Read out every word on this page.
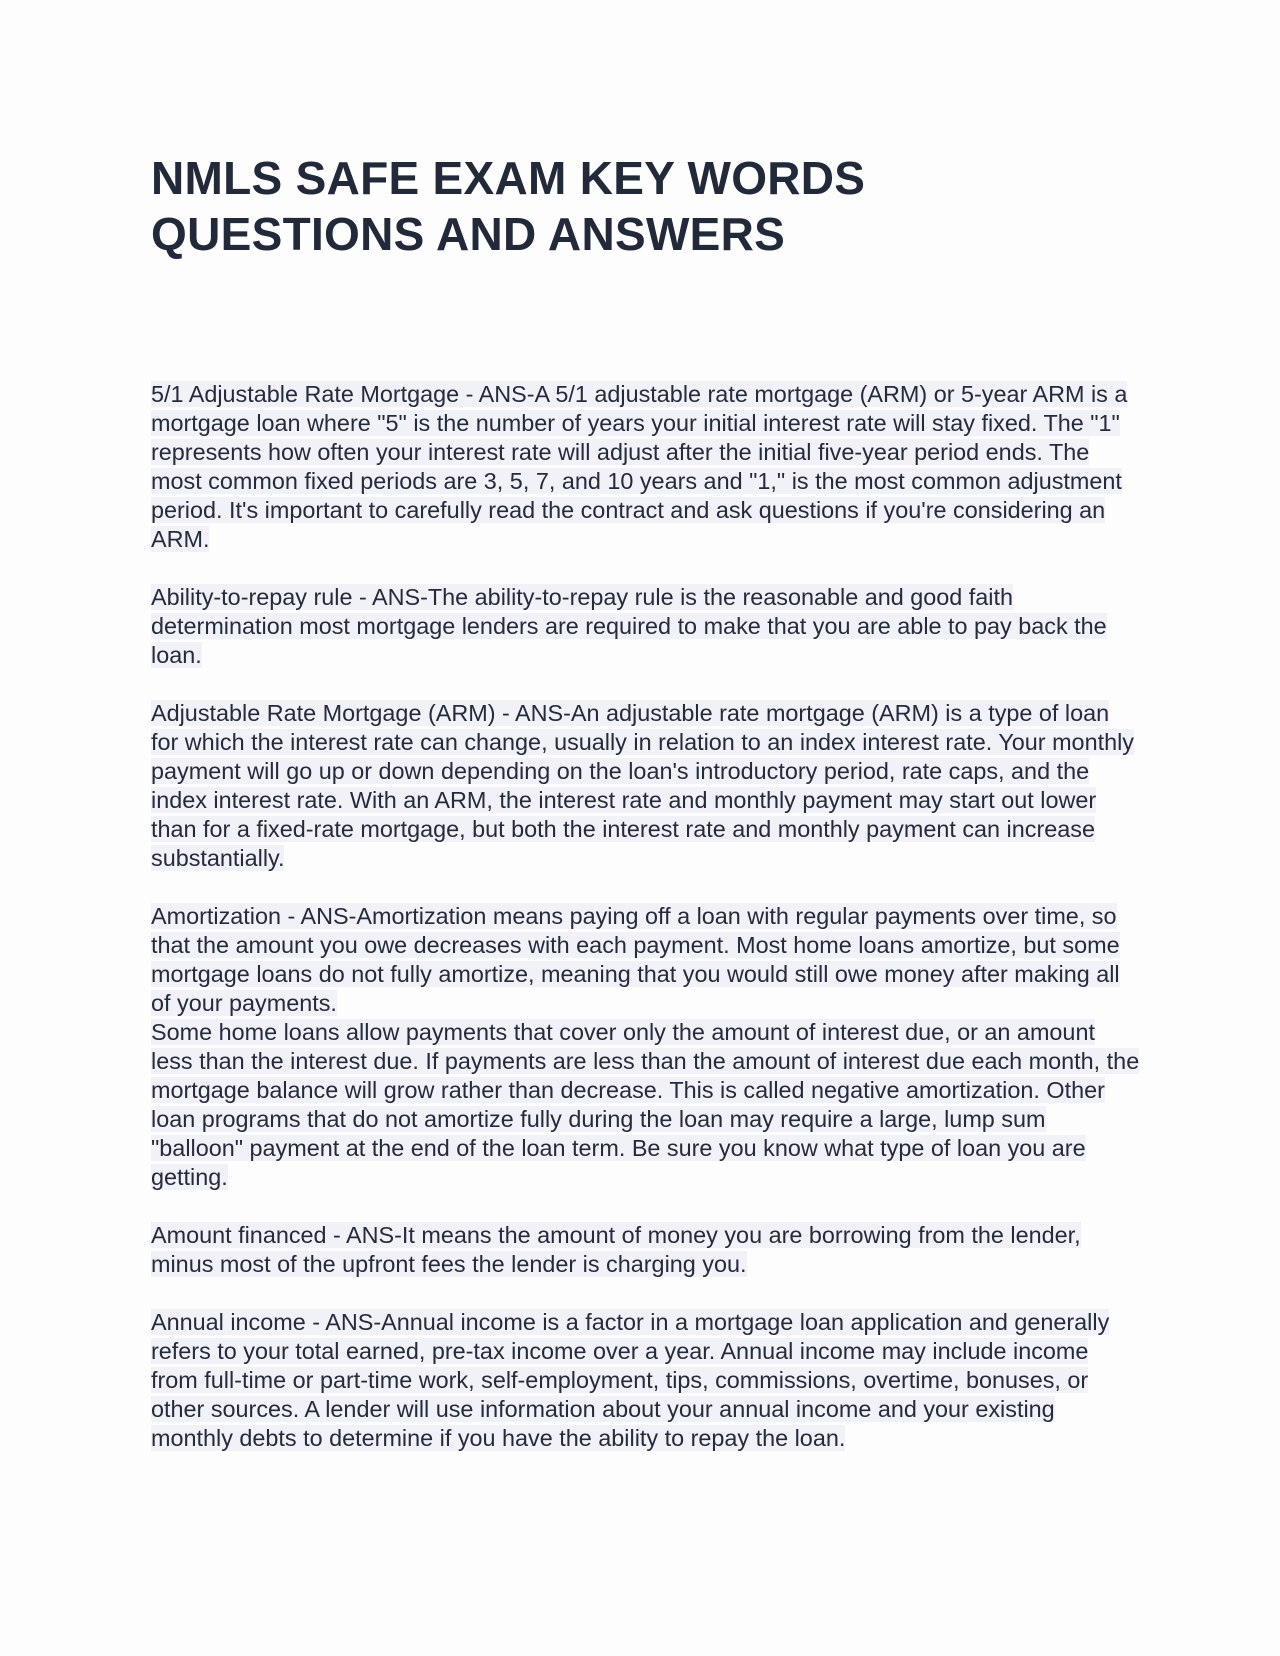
NMLS SAFE EXAM KEY WORDS QUESTIONS AND ANSWERS

5/1 Adjustable Rate Mortgage - ANS-A 5/1 adjustable rate mortgage (ARM) or 5-year ARM is a mortgage loan where "5" is the number of years your initial interest rate will stay fixed. The "1" represents how often your interest rate will adjust after the initial five-year period ends. The most common fixed periods are 3, 5, 7, and 10 years and "1," is the most common adjustment period. It's important to carefully read the contract and ask questions if you're considering an ARM.

Ability-to-repay rule - ANS-The ability-to-repay rule is the reasonable and good faith determination most mortgage lenders are required to make that you are able to pay back the loan.

Adjustable Rate Mortgage (ARM) - ANS-An adjustable rate mortgage (ARM) is a type of loan for which the interest rate can change, usually in relation to an index interest rate. Your monthly payment will go up or down depending on the loan's introductory period, rate caps, and the index interest rate. With an ARM, the interest rate and monthly payment may start out lower than for a fixed-rate mortgage, but both the interest rate and monthly payment can increase substantially.

Amortization - ANS-Amortization means paying off a loan with regular payments over time, so that the amount you owe decreases with each payment. Most home loans amortize, but some mortgage loans do not fully amortize, meaning that you would still owe money after making all of your payments.

Some home loans allow payments that cover only the amount of interest due, or an amount less than the interest due. If payments are less than the amount of interest due each month, the mortgage balance will grow rather than decrease. This is called negative amortization. Other loan programs that do not amortize fully during the loan may require a large, lump sum "balloon" payment at the end of the loan term. Be sure you know what type of loan you are getting.

Amount financed - ANS-It means the amount of money you are borrowing from the lender, minus most of the upfront fees the lender is charging you.

Annual income - ANS-Annual income is a factor in a mortgage loan application and generally refers to your total earned, pre-tax income over a year. Annual income may include income from full-time or part-time work, self-employment, tips, commissions, overtime, bonuses, or other sources. A lender will use information about your annual income and your existing monthly debts to determine if you have the ability to repay the loan.
